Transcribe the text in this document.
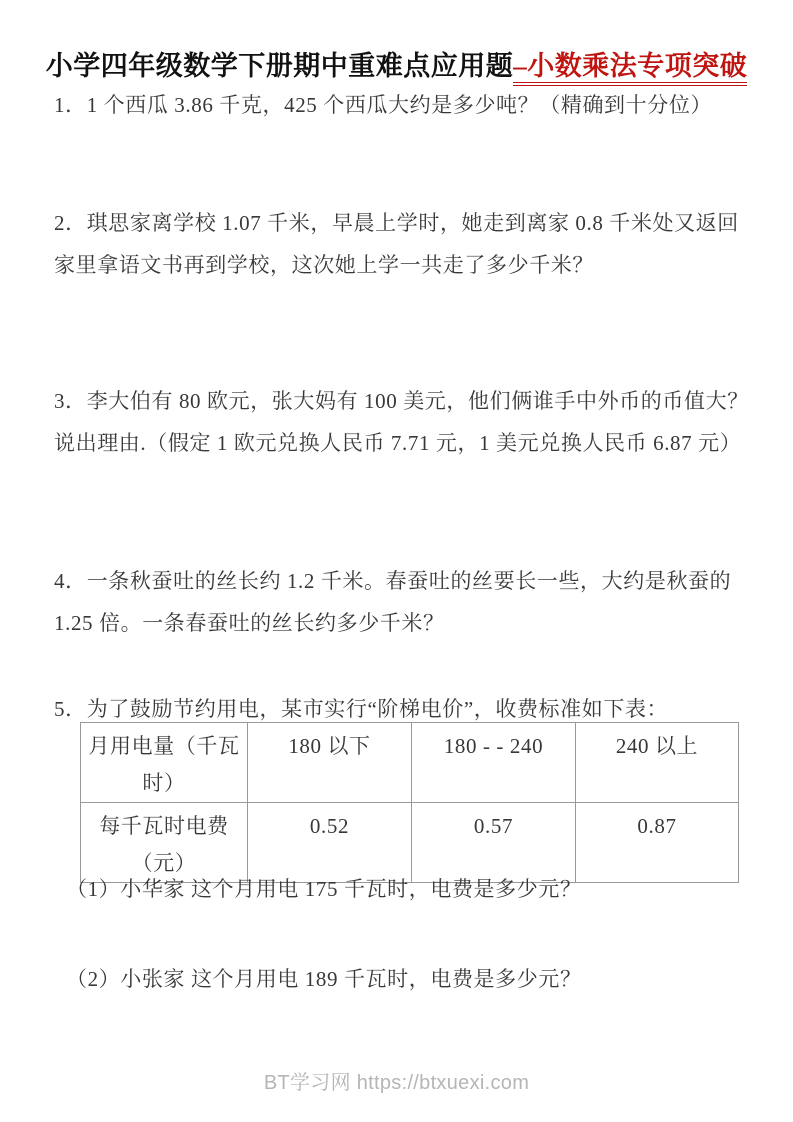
小学四年级数学下册期中重难点应用题–小数乘法专项突破
1．1 个西瓜 3.86 千克，425 个西瓜大约是多少吨？（精确到十分位）
2．琪思家离学校 1.07 千米，早晨上学时，她走到离家 0.8 千米处又返回
家里拿语文书再到学校，这次她上学一共走了多少千米？
3．李大伯有 80 欧元，张大妈有 100 美元，他们俩谁手中外币的币值大？
说出理由.（假定 1 欧元兑换人民币 7.71 元，1 美元兑换人民币 6.87 元）
4．一条秋蚕吐的丝长约 1.2 千米。春蚕吐的丝要长一些，大约是秋蚕的
1.25 倍。一条春蚕吐的丝长约多少千米？
5．为了鼓励节约用电，某市实行“阶梯电价”，收费标准如下表：
月用电量（千瓦
时）	180 以下	180 - - 240	240 以上

每千瓦时电费
（元）	0.52	0.57	0.87
（1）小华家 这个月用电 175 千瓦时，电费是多少元？
（2）小张家 这个月用电 189 千瓦时，电费是多少元？
BT学习网 https://btxuexi.com
